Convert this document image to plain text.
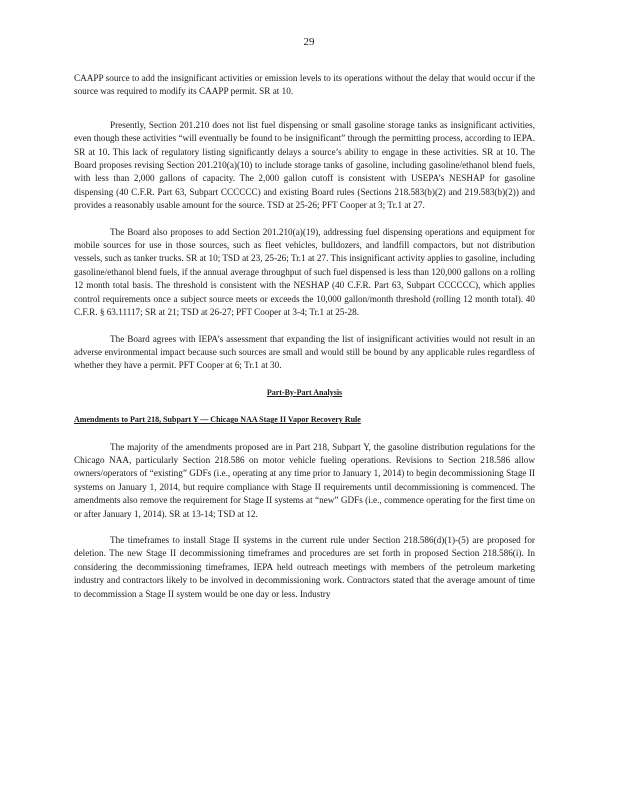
29

CAAPP source to add the insignificant activities or emission levels to its operations without the delay that would occur if the source was required to modify its CAAPP permit. SR at 10.

Presently, Section 201.210 does not list fuel dispensing or small gasoline storage tanks as insignificant activities, even though these activities “will eventually be found to be insignificant” through the permitting process, according to IEPA. SR at 10. This lack of regulatory listing significantly delays a source’s ability to engage in these activities. SR at 10. The Board proposes revising Section 201.210(a)(10) to include storage tanks of gasoline, including gasoline/ethanol blend fuels, with less than 2,000 gallons of capacity. The 2,000 gallon cutoff is consistent with USEPA’s NESHAP for gasoline dispensing (40 C.F.R. Part 63, Subpart CCCCCC) and existing Board rules (Sections 218.583(b)(2) and 219.583(b)(2)) and provides a reasonably usable amount for the source. TSD at 25-26; PFT Cooper at 3; Tr.1 at 27.

The Board also proposes to add Section 201.210(a)(19), addressing fuel dispensing operations and equipment for mobile sources for use in those sources, such as fleet vehicles, bulldozers, and landfill compactors, but not distribution vessels, such as tanker trucks. SR at 10; TSD at 23, 25-26; Tr.1 at 27. This insignificant activity applies to gasoline, including gasoline/ethanol blend fuels, if the annual average throughput of such fuel dispensed is less than 120,000 gallons on a rolling 12 month total basis. The threshold is consistent with the NESHAP (40 C.F.R. Part 63, Subpart CCCCCC), which applies control requirements once a subject source meets or exceeds the 10,000 gallon/month threshold (rolling 12 month total). 40 C.F.R. § 63.11117; SR at 21; TSD at 26-27; PFT Cooper at 3-4; Tr.1 at 25-28.

The Board agrees with IEPA’s assessment that expanding the list of insignificant activities would not result in an adverse environmental impact because such sources are small and would still be bound by any applicable rules regardless of whether they have a permit. PFT Cooper at 6; Tr.1 at 30.

Part-By-Part Analysis
Amendments to Part 218, Subpart Y — Chicago NAA Stage II Vapor Recovery Rule

The majority of the amendments proposed are in Part 218, Subpart Y, the gasoline distribution regulations for the Chicago NAA, particularly Section 218.586 on motor vehicle fueling operations. Revisions to Section 218.586 allow owners/operators of “existing” GDFs (i.e., operating at any time prior to January 1, 2014) to begin decommissioning Stage II systems on January 1, 2014, but require compliance with Stage II requirements until decommissioning is commenced. The amendments also remove the requirement for Stage II systems at “new” GDFs (i.e., commence operating for the first time on or after January 1, 2014). SR at 13-14; TSD at 12.

The timeframes to install Stage II systems in the current rule under Section 218.586(d)(1)-(5) are proposed for deletion. The new Stage II decommissioning timeframes and procedures are set forth in proposed Section 218.586(i). In considering the decommissioning timeframes, IEPA held outreach meetings with members of the petroleum marketing industry and contractors likely to be involved in decommissioning work. Contractors stated that the average amount of time to decommission a Stage II system would be one day or less. Industry
